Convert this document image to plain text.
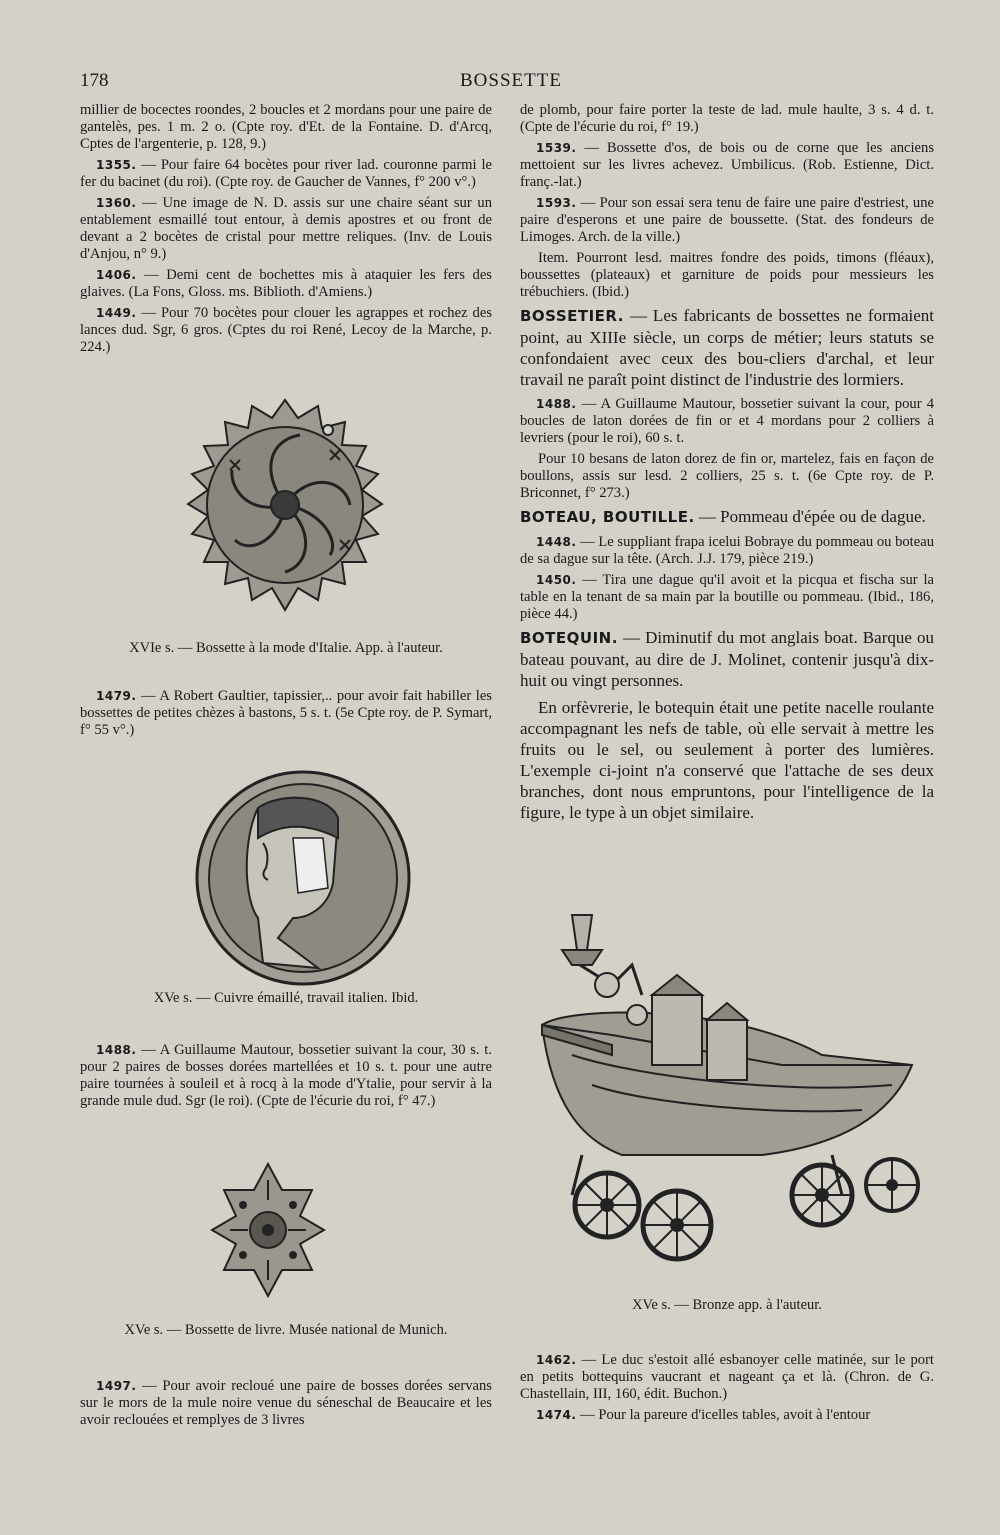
178	BOSSETTE

millier de bocectes roondes, 2 boucles et 2 mordans pour une paire de gantelès, pes. 1 m. 2 o. (Cpte roy. d'Et. de la Fontaine. D. d'Arcq, Cptes de l'argenterie, p. 128, 9.)

1355. — Pour faire 64 bocètes pour river lad. couronne parmi le fer du bacinet (du roi). (Cpte roy. de Gaucher de Vannes, f° 200 v°.)

1360. — Une image de N. D. assis sur une chaire séant sur un entablement esmaillé tout entour, à demis apostres et ou front de devant a 2 bocètes de cristal pour mettre reliques. (Inv. de Louis d'Anjou, n° 9.)

1406. — Demi cent de bochettes mis à ataquier les fers des glaives. (La Fons, Gloss. ms. Biblioth. d'Amiens.)

1449. — Pour 70 bocètes pour clouer les agrappes et rochez des lances dud. Sgr, 6 gros. (Cptes du roi René, Lecoy de la Marche, p. 224.)

XVIe s. — Bossette à la mode d'Italie. App. à l'auteur.

1479. — A Robert Gaultier, tapissier,.. pour avoir fait habiller les bossettes de petites chèzes à bastons, 5 s. t. (5e Cpte roy. de P. Symart, f° 55 v°.)

XVe s. — Cuivre émaillé, travail italien. Ibid.

1488. — A Guillaume Mautour, bossetier suivant la cour, 30 s. t. pour 2 paires de bosses dorées martellées et 10 s. t. pour une autre paire tournées à souleil et à rocq à la mode d'Ytalie, pour servir à la grande mule dud. Sgr (le roi). (Cpte de l'écurie du roi, f° 47.)

XVe s. — Bossette de livre. Musée national de Munich.

1497. — Pour avoir recloué une paire de bosses dorées servans sur le mors de la mule noire venue du séneschal de Beaucaire et les avoir reclouées et remplyes de 3 livres

de plomb, pour faire porter la teste de lad. mule haulte, 3 s. 4 d. t. (Cpte de l'écurie du roi, f° 19.)

1539. — Bossette d'os, de bois ou de corne que les anciens mettoient sur les livres achevez. Umbilicus. (Rob. Estienne, Dict. franç.-lat.)

1593. — Pour son essai sera tenu de faire une paire d'estriest, une paire d'esperons et une paire de boussette. (Stat. des fondeurs de Limoges. Arch. de la ville.)

Item. Pourront lesd. maitres fondre des poids, timons (fléaux), boussettes (plateaux) et garniture de poids pour messieurs les trébuchiers. (Ibid.)

BOSSETIER. — Les fabricants de bossettes ne formaient point, au XIIIe siècle, un corps de métier; leurs statuts se confondaient avec ceux des bou-cliers d'archal, et leur travail ne paraît point distinct de l'industrie des lormiers.

1488. — A Guillaume Mautour, bossetier suivant la cour, pour 4 boucles de laton dorées de fin or et 4 mordans pour 2 colliers à levriers (pour le roi), 60 s. t.

Pour 10 besans de laton dorez de fin or, martelez, fais en façon de boullons, assis sur lesd. 2 colliers, 25 s. t. (6e Cpte roy. de P. Briconnet, f° 273.)

BOTEAU, BOUTILLE. — Pommeau d'épée ou de dague.

1448. — Le suppliant frapa icelui Bobraye du pommeau ou boteau de sa dague sur la tête. (Arch. J.J. 179, pièce 219.)

1450. — Tira une dague qu'il avoit et la picqua et fischa sur la table en la tenant de sa main par la boutille ou pommeau. (Ibid., 186, pièce 44.)

BOTEQUIN. — Diminutif du mot anglais boat. Barque ou bateau pouvant, au dire de J. Molinet, contenir jusqu'à dix-huit ou vingt personnes.

En orfèvrerie, le botequin était une petite nacelle roulante accompagnant les nefs de table, où elle servait à mettre les fruits ou le sel, ou seulement à porter des lumières. L'exemple ci-joint n'a conservé que l'attache de ses deux branches, dont nous empruntons, pour l'intelligence de la figure, le type à un objet similaire.

XVe s. — Bronze app. à l'auteur.

1462. — Le duc s'estoit allé esbanoyer celle matinée, sur le port en petits bottequins vaucrant et nageant ça et là. (Chron. de G. Chastellain, III, 160, édit. Buchon.)

1474. — Pour la pareure d'icelles tables, avoit à l'entour
